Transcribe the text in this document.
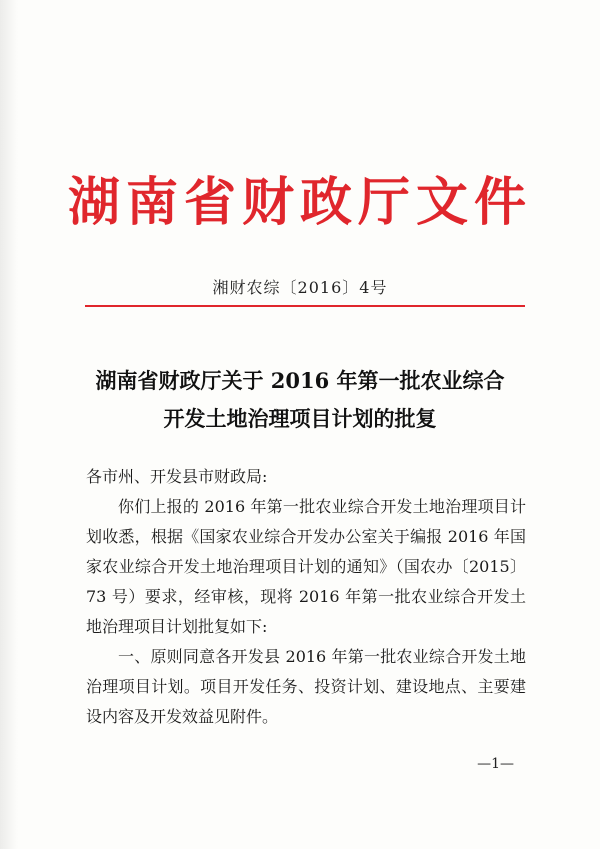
湖南省财政厅文件
湘财农综〔2016〕4号
湖南省财政厅关于 2016 年第一批农业综合
开发土地治理项目计划的批复

各市州、开发县市财政局:

你们上报的 2016 年第一批农业综合开发土地治理项目计划收悉，根据《国家农业综合开发办公室关于编报 2016 年国家农业综合开发土地治理项目计划的通知》（国农办〔2015〕73 号）要求，经审核，现将 2016 年第一批农业综合开发土地治理项目计划批复如下:

一、原则同意各开发县 2016 年第一批农业综合开发土地治理项目计划。项目开发任务、投资计划、建设地点、主要建设内容及开发效益见附件。

—1—
